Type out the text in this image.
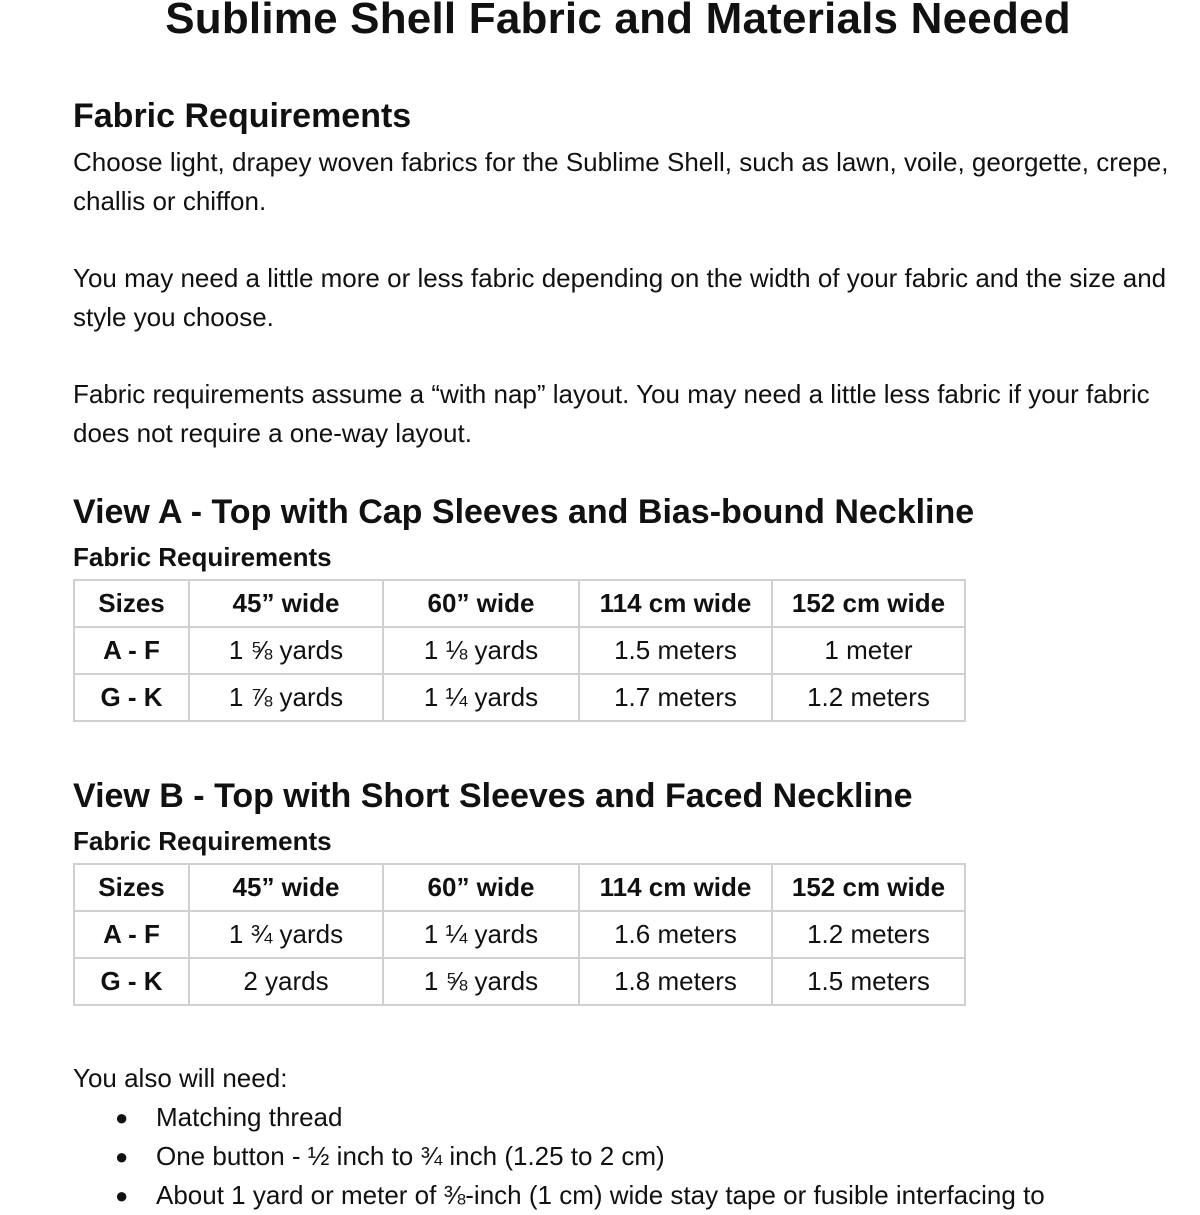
Sublime Shell Fabric and Materials Needed
Fabric Requirements
Choose light, drapey woven fabrics for the Sublime Shell, such as lawn, voile, georgette, crepe, challis or chiffon.
You may need a little more or less fabric depending on the width of your fabric and the size and style you choose.
Fabric requirements assume a “with nap” layout. You may need a little less fabric if your fabric does not require a one-way layout.
View A - Top with Cap Sleeves and Bias-bound Neckline
Fabric Requirements
Sizes	45” wide	60” wide	114 cm wide	152 cm wide
A - F	1 ⅝ yards	1 ⅛ yards	1.5 meters	1 meter
G - K	1 ⅞ yards	1 ¼ yards	1.7 meters	1.2 meters
View B - Top with Short Sleeves and Faced Neckline
Fabric Requirements
Sizes	45” wide	60” wide	114 cm wide	152 cm wide
A - F	1 ¾ yards	1 ¼ yards	1.6 meters	1.2 meters
G - K	2 yards	1 ⅝ yards	1.8 meters	1.5 meters
You also will need:
● Matching thread
● One button - ½ inch to ¾ inch (1.25 to 2 cm)
● About 1 yard or meter of ⅜-inch (1 cm) wide stay tape or fusible interfacing to
